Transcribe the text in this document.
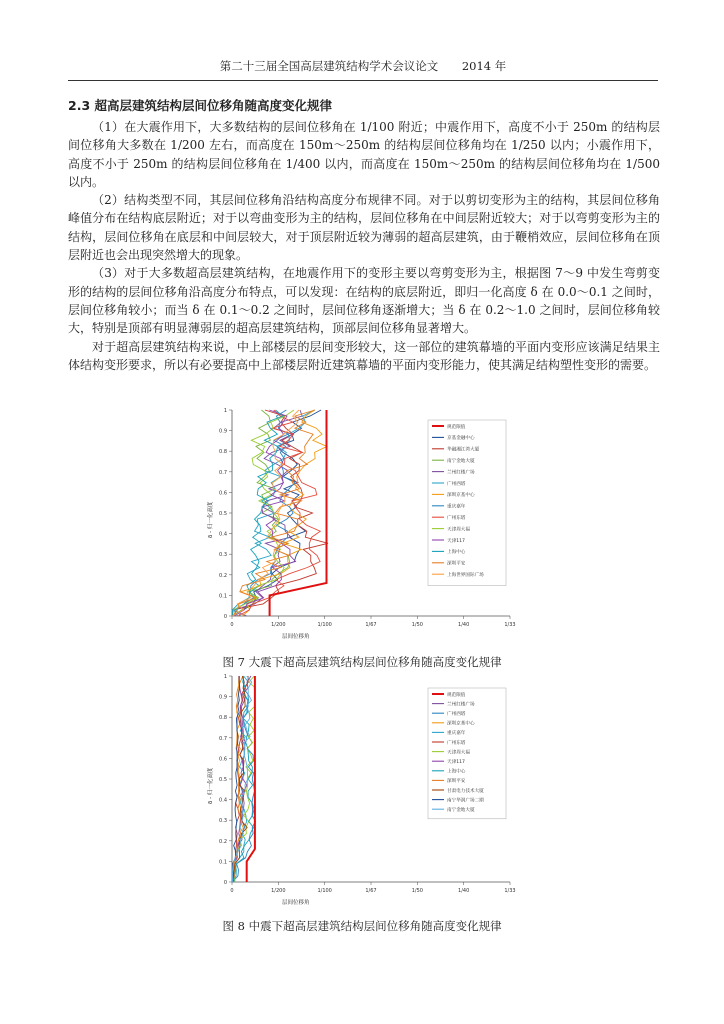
第二十三届全国高层建筑结构学术会议论文 2014 年
2.3 超高层建筑结构层间位移角随高度变化规律

（1）在大震作用下，大多数结构的层间位移角在 1/100 附近；中震作用下，高度不小于 250m 的结构层间位移角大多数在 1/200 左右，而高度在 150m～250m 的结构层间位移角均在 1/250 以内；小震作用下，高度不小于 250m 的结构层间位移角在 1/400 以内，而高度在 150m～250m 的结构层间位移角均在 1/500 以内。

（2）结构类型不同，其层间位移角沿结构高度分布规律不同。对于以剪切变形为主的结构，其层间位移角峰值分布在结构底层附近；对于以弯曲变形为主的结构，层间位移角在中间层附近较大；对于以弯剪变形为主的结构，层间位移角在底层和中间层较大，对于顶层附近较为薄弱的超高层建筑，由于鞭梢效应，层间位移角在顶层附近也会出现突然增大的现象。

（3）对于大多数超高层建筑结构，在地震作用下的变形主要以弯剪变形为主，根据图 7～9 中发生弯剪变形的结构的层间位移角沿高度分布特点，可以发现：在结构的底层附近，即归一化高度 δ 在 0.0～0.1 之间时，层间位移角较小；而当 δ 在 0.1～0.2 之间时，层间位移角逐渐增大；当 δ 在 0.2～1.0 之间时，层间位移角较大，特别是顶部有明显薄弱层的超高层建筑结构，顶部层间位移角显著增大。

对于超高层建筑结构来说，中上部楼层的层间变形较大，这一部位的建筑幕墙的平面内变形应该满足结果主体结构变形要求，所以有必要提高中上部楼层附近建筑幕墙的平面内变形能力，使其满足结构塑性变形的需要。

0
0.1
0.2
0.3
0.4
0.5
0.6
0.7
0.8
0.9
1
0	1/200	1/100	1/67	1/50	1/40	1/33
层间位移角
δ - 归一化高度
规范限值
京基金融中心
华融湘江湾大厦
南宁金地大厦
兰州红楼广场
广州西塔
深圳京基中心
重庆嘉年
广州东塔
天津周大福
天津117
上海中心
深圳平安
上海世界国际广场
图 7 大震下超高层建筑结构层间位移角随高度变化规律
0
0.1
0.2
0.3
0.4
0.5
0.6
0.7
0.8
0.9
1
0	1/200	1/100	1/67	1/50	1/40	1/33
层间位移角
δ - 归一化高度
规范限值
兰州红楼广场
广州西塔
深圳京基中心
重庆嘉年
广州东塔
天津周大福
天津117
上海中心
深圳平安
甘肃电力技术大厦
南宁华润广场二期
南宁金地大厦
图 8 中震下超高层建筑结构层间位移角随高度变化规律
